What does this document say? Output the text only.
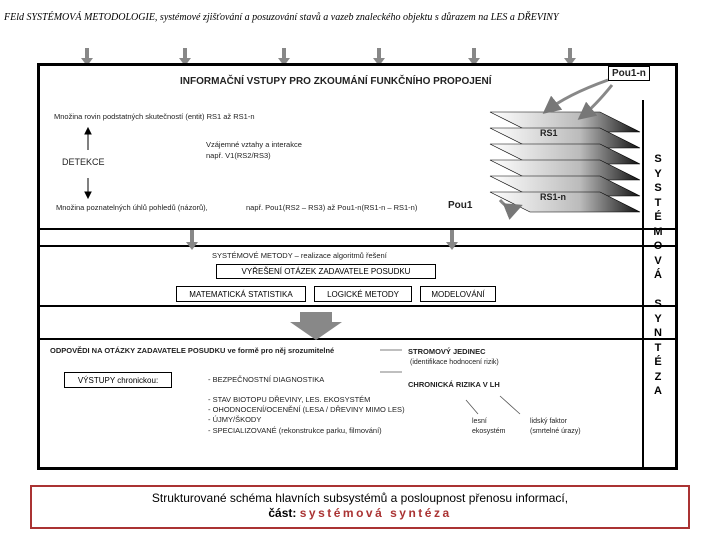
FEld SYSTÉMOVÁ METODOLOGIE, systémové zjišťování a posuzování stavů a vazeb znaleckého objektu s důrazem na LES a DŘEVINY
INFORMAČNÍ VSTUPY PRO ZKOUMÁNÍ FUNKČNÍHO PROPOJENÍ
Pou1-n
Množina rovin podstatných skutečností (entit) RS1 až RS1-n
Vzájemné vztahy a interakce
např. V1(RS2/RS3)
DETEKCE
Množina poznatelných úhlů pohledů (názorů),	např. Pou1(RS2 – RS3) až Pou1-n(RS1-n – RS1-n)	Pou1
RS1
RS1-n
SYSTÉMOVÉ METODY – realizace algoritmů řešení
VYŘEŠENÍ OTÁZEK ZADAVATELE POSUDKU
MATEMATICKÁ STATISTIKA	LOGICKÉ METODY	MODELOVÁNÍ
ODPOVĚDI NA OTÁZKY ZADAVATELE POSUDKU ve formě pro něj srozumitelné
VÝSTUPY chronickou:	- BEZPEČNOSTNÍ DIAGNOSTIKA
- STAV BIOTOPU DŘEVINY, LES. EKOSYSTÉM
- OHODNOCENÍ/OCENĚNÍ (LESA / DŘEVINY MIMO LES)
- ÚJMY/ŠKODY
- SPECIALIZOVANÉ (rekonstrukce parku, filmování)
STROMOVÝ JEDINEC
(identifikace hodnocení rizik)
CHRONICKÁ RIZIKA V LH
lesní
ekosystém
lidský faktor
(smrtelné úrazy)
S
Y
S
T
É
M
O
V
Á

S
Y
N
T
É
Z
A
Strukturované schéma hlavních subsystémů a posloupnost přenosu informací,
část: systémová syntéza
